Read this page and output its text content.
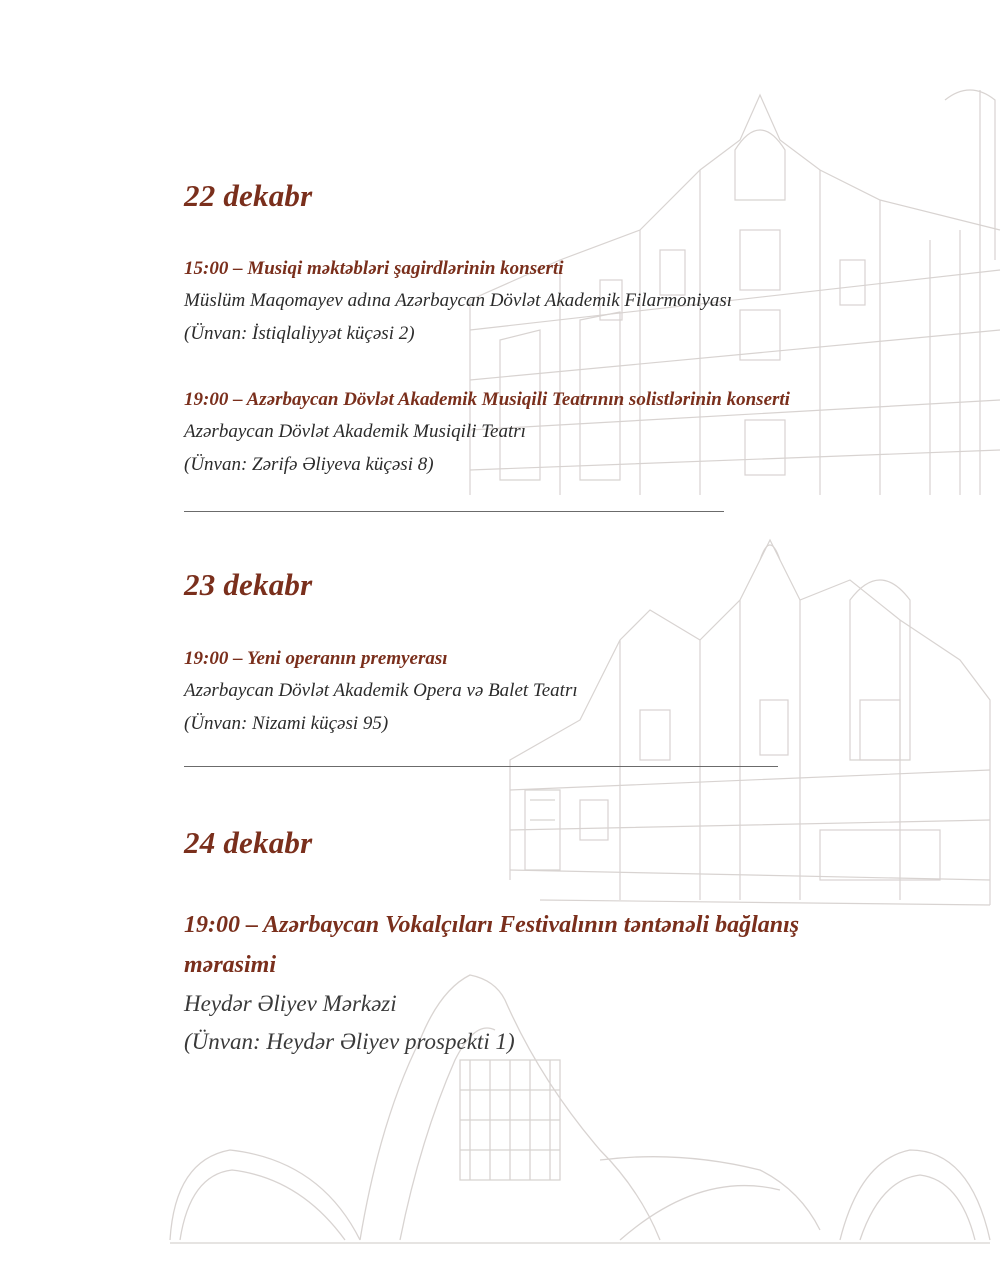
22 dekabr
15:00 – Musiqi məktəbləri şagirdlərinin konserti
Müslüm Maqomayev adına Azərbaycan Dövlət Akademik Filarmoniyası
(Ünvan: İstiqlaliyyət küçəsi 2)
19:00 – Azərbaycan Dövlət Akademik Musiqili Teatrının solistlərinin konserti
Azərbaycan Dövlət Akademik Musiqili Teatrı
(Ünvan: Zərifə Əliyeva küçəsi 8)
23 dekabr
19:00 – Yeni operanın premyerası
Azərbaycan Dövlət Akademik Opera və Balet Teatrı
(Ünvan: Nizami küçəsi 95)
24 dekabr
19:00 – Azərbaycan Vokalçıları Festivalının təntənəli bağlanış mərasimi
Heydər Əliyev Mərkəzi
(Ünvan: Heydər Əliyev prospekti 1)
